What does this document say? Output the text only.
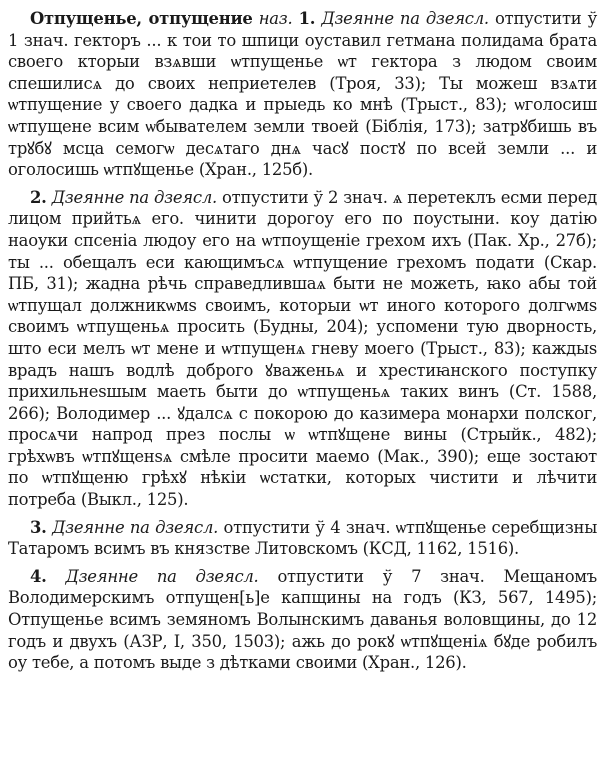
Отпущенье, отпущение наз. 1. Дзеянне па дзеясл. отпустити ў 1 знач. гекторъ ... к тои то шпици оуставил гетмана полидама брата своего кторыи взѧвши ѡтпущенье ѡт гектора з людом своим спешилисѧ до своих неприетелев (Троя, 33); Ты можеш взѧти ѡтпущение у своего дадка и прыедь ко мнѣ (Трыст., 83); ѡголосиш ѡтпущенe всим ѡбывателем земли твоей (Біблія, 173); затрꙋбишь въ трꙋбꙋ мсца семогѡ десѧтаго днѧ часꙋ постꙋ по всей земли ... и оголосишь ѡтпꙋщенье (Хран., 125б).

2. Дзеянне па дзеясл. отпустити ў 2 знач. ѧ перетеклъ есми перед лицом прийтьѧ его. чинити дорогоу его по поустыни. коу датію наоуки спсеніа людоу его на ѡтпоущеніе грехом ихъ (Пак. Хр., 27б); ты ... обещалъ еси кающимъсѧ ѡтпущение грехомъ подати (Скар. ПБ, 31); жадна рѣчь справедлившаѧ быти не можеть, ꙗко абы той ѡтпущал должникѡмѕ своимъ, которыи ѡт иного которого долгѡмѕ своимъ ѡтпущеньѧ просить (Будны, 204); успомени тую дворность, што еси мелъ ѡт мене и ѡтпущенѧ гневу моего (Трыст., 83); каждыѕ врадъ нашъ водлѣ доброго ꙋваженьѧ и хрестиꙗнского поступку прихильнеѕшым маеть быти до ѡтпущеньѧ таких винъ (Ст. 1588, 266); Володимер ... ꙋдалсѧ с покорою до казимера монархи полског, просѧчи напрод през послы ѡ ѡтпꙋщене вины (Стрыйк., 482); грѣхѡвъ ѡтпꙋщенѕѧ смѣле просити маемо (Мак., 390); еще зостают по ѡтпꙋщеню грѣхꙋ нѣкіи ѡстатки, которых чистити и лѣчити потреба (Выкл., 125).

3. Дзеянне па дзеясл. отпустити ў 4 знач. ѡтпꙋщенье серебщизны Татаромъ всимъ въ князстве Литовскомъ (КСД, 1162, 1516).

4. Дзеянне па дзеясл. отпустити ў 7 знач. Мещаномъ Володимерскимъ отпущен[ь]е капщины на годъ (КЗ, 567, 1495); Отпущенье всимъ земяномъ Волынскимъ даванья воловщины, до 12 годъ и двухъ (АЗР, I, 350, 1503); ажь до рокꙋ ѡтпꙋщеніѧ бꙋде робилъ оу тебе, а потомъ выде з дѣтками своими (Хран., 126).
